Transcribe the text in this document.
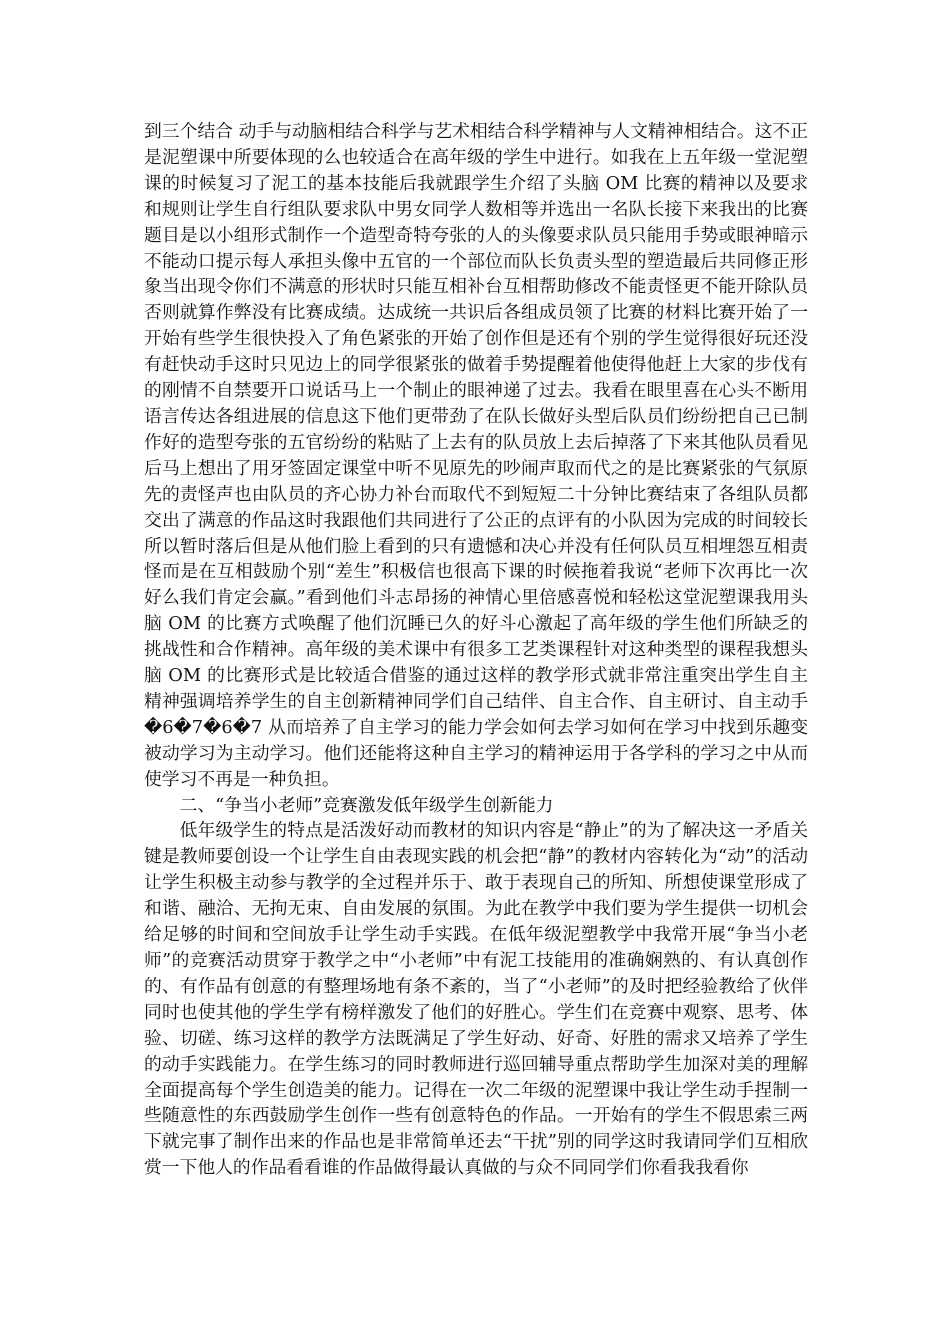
到三个结合 动手与动脑相结合科学与艺术相结合科学精神与人文精神相结合。这不正是泥塑课中所要体现的么也较适合在高年级的学生中进行。如我在上五年级一堂泥塑课的时候复习了泥工的基本技能后我就跟学生介绍了头脑 OM 比赛的精神以及要求和规则让学生自行组队要求队中男女同学人数相等并选出一名队长接下来我出的比赛题目是以小组形式制作一个造型奇特夸张的人的头像要求队员只能用手势或眼神暗示不能动口提示每人承担头像中五官的一个部位而队长负责头型的塑造最后共同修正形象当出现令你们不满意的形状时只能互相补台互相帮助修改不能责怪更不能开除队员否则就算作弊没有比赛成绩。达成统一共识后各组成员领了比赛的材料比赛开始了一开始有些学生很快投入了角色紧张的开始了创作但是还有个别的学生觉得很好玩还没有赶快动手这时只见边上的同学很紧张的做着手势提醒着他使得他赶上大家的步伐有的刚情不自禁要开口说话马上一个制止的眼神递了过去。我看在眼里喜在心头不断用语言传达各组进展的信息这下他们更带劲了在队长做好头型后队员们纷纷把自己已制作好的造型夸张的五官纷纷的粘贴了上去有的队员放上去后掉落了下来其他队员看见后马上想出了用牙签固定课堂中听不见原先的吵闹声取而代之的是比赛紧张的气氛原先的责怪声也由队员的齐心协力补台而取代不到短短二十分钟比赛结束了各组队员都交出了满意的作品这时我跟他们共同进行了公正的点评有的小队因为完成的时间较长所以暂时落后但是从他们脸上看到的只有遗憾和决心并没有任何队员互相埋怨互相责怪而是在互相鼓励个别“差生”积极信也很高下课的时候拖着我说“老师下次再比一次好么我们肯定会赢。”看到他们斗志昂扬的神情心里倍感喜悦和轻松这堂泥塑课我用头脑 OM 的比赛方式唤醒了他们沉睡已久的好斗心激起了高年级的学生他们所缺乏的挑战性和合作精神。高年级的美术课中有很多工艺类课程针对这种类型的课程我想头脑 OM 的比赛形式是比较适合借鉴的通过这样的教学形式就非常注重突出学生自主精神强调培养学生的自主创新精神同学们自己结伴、自主合作、自主研讨、自主动手�6�7�6�7 从而培养了自主学习的能力学会如何去学习如何在学习中找到乐趣变被动学习为主动学习。他们还能将这种自主学习的精神运用于各学科的学习之中从而使学习不再是一种负担。

二、“争当小老师”竞赛激发低年级学生创新能力

低年级学生的特点是活泼好动而教材的知识内容是“静止”的为了解决这一矛盾关键是教师要创设一个让学生自由表现实践的机会把“静”的教材内容转化为“动”的活动让学生积极主动参与教学的全过程并乐于、敢于表现自己的所知、所想使课堂形成了和谐、融洽、无拘无束、自由发展的氛围。为此在教学中我们要为学生提供一切机会给足够的时间和空间放手让学生动手实践。在低年级泥塑教学中我常开展“争当小老师”的竞赛活动贯穿于教学之中“小老师”中有泥工技能用的准确娴熟的、有认真创作的、有作品有创意的有整理场地有条不紊的，当了“小老师”的及时把经验教给了伙伴同时也使其他的学生学有榜样激发了他们的好胜心。学生们在竞赛中观察、思考、体验、切磋、练习这样的教学方法既满足了学生好动、好奇、好胜的需求又培养了学生的动手实践能力。在学生练习的同时教师进行巡回辅导重点帮助学生加深对美的理解全面提高每个学生创造美的能力。记得在一次二年级的泥塑课中我让学生动手捏制一些随意性的东西鼓励学生创作一些有创意特色的作品。一开始有的学生不假思索三两下就完事了制作出来的作品也是非常简单还去“干扰”别的同学这时我请同学们互相欣赏一下他人的作品看看谁的作品做得最认真做的与众不同同学们你看我我看你
